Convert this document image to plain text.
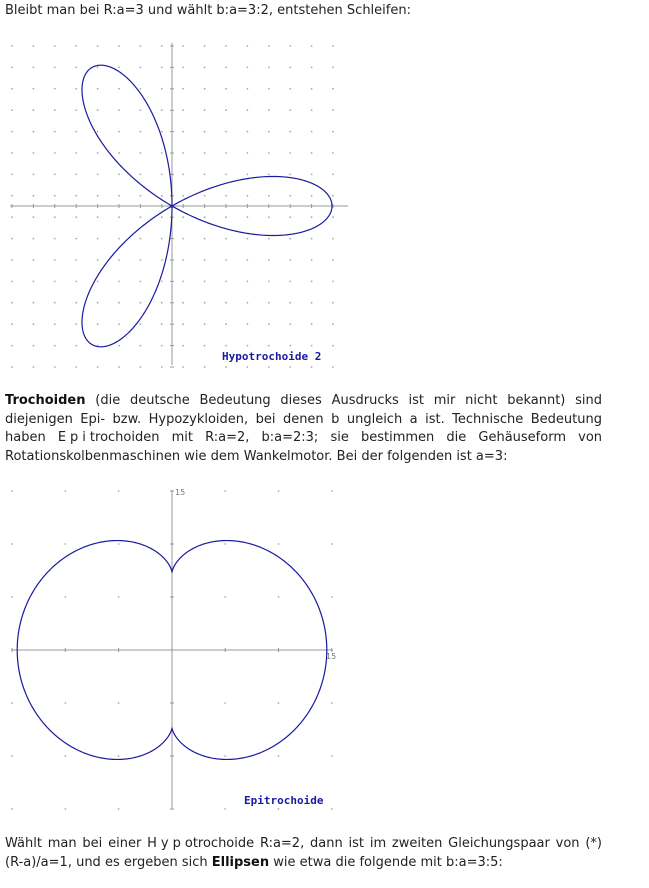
Bleibt man bei R:a=3 und wählt b:a=3:2, entstehen Schleifen:

Hypotrochoide 2

Trochoiden (die deutsche Bedeutung dieses Ausdrucks ist mir nicht bekannt) sind diejenigen Epi- bzw. Hypozykloiden, bei denen b ungleich a ist. Technische Bedeutung haben Epitrochoiden mit R:a=2, b:a=2:3; sie bestimmen die Gehäuseform von Rotationskolbenmaschinen wie dem Wankelmotor. Bei der folgenden ist a=3:

15
15
Epitrochoide

Wählt man bei einer Hypotrochoide R:a=2, dann ist im zweiten Gleichungspaar von (*) (R-a)/a=1, und es ergeben sich Ellipsen wie etwa die folgende mit b:a=3:5:
